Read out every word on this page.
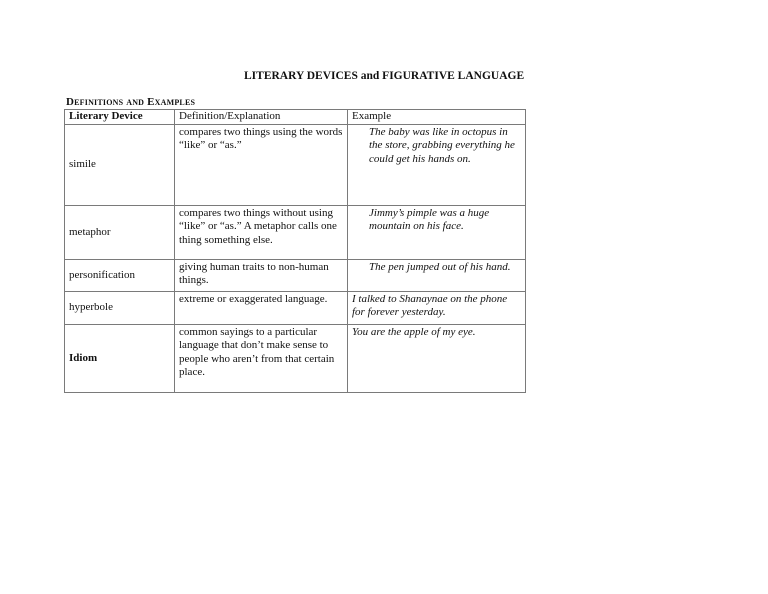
LITERARY DEVICES and FIGURATIVE LANGUAGE
Definitions and Examples
Literary Device	Definition/Explanation	Example
simile	compares two things using the words “like” or “as.”	The baby was like in octopus in the store, grabbing everything he could get his hands on.

metaphor	compares two things without using “like” or “as.” A metaphor calls one thing something else.	Jimmy’s pimple was a huge mountain on his face.

personification	giving human traits to non-human things.	The pen jumped out of his hand.

hyperbole	extreme or exaggerated language.	I talked to Shanaynae on the phone for forever yesterday.

Idiom	common sayings to a particular language that don’t make sense to people who aren’t from that certain place.	You are the apple of my eye.
